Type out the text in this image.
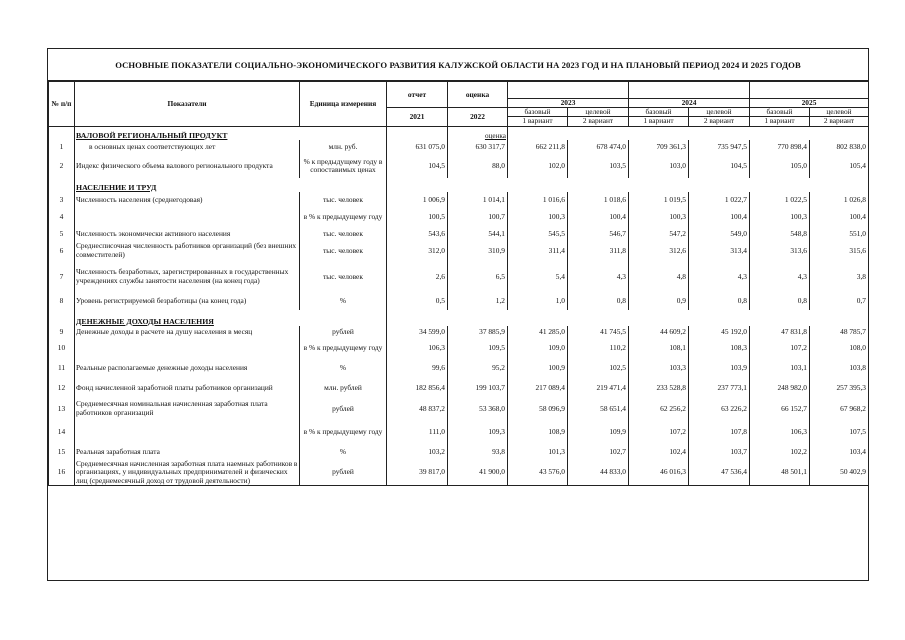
ОСНОВНЫЕ ПОКАЗАТЕЛИ СОЦИАЛЬНО-ЭКОНОМИЧЕСКОГО РАЗВИТИЯ КАЛУЖСКОЙ ОБЛАСТИ НА 2023 ГОД И НА ПЛАНОВЫЙ ПЕРИОД 2024 И 2025 ГОДОВ
№ п/п	Показатели	Единица измерения	отчет	оценка						
					2023		2024		2025	
			2021	2022	базовый	целевой	базовый	целевой	базовый	целевой
					1 вариант	2 вариант	1 вариант	2 вариант	1 вариант	2 вариант
	ВАЛОВОЙ РЕГИОНАЛЬНЫЙ ПРОДУКТ			оценка						
1	в основных ценах соответствующих лет	млн. руб.	631 075,0	630 317,7	662 211,8	678 474,0	709 361,3	735 947,5	770 898,4	802 838,0
2	Индекс физического объема валового регионального продукта	% к предыдущему году в сопоставимых ценах	104,5	88,0	102,0	103,5	103,0	104,5	105,0	105,4
	НАСЕЛЕНИЕ И ТРУД									
3	Численность населения (среднегодовая)	тыс. человек	1 006,9	1 014,1	1 016,6	1 018,6	1 019,5	1 022,7	1 022,5	1 026,8
4		в % к предыдущему году	100,5	100,7	100,3	100,4	100,3	100,4	100,3	100,4
5	Численность экономически активного населения	тыс. человек	543,6	544,1	545,5	546,7	547,2	549,0	548,8	551,0
6	Среднесписочная численность работников организаций (без внешних совместителей)	тыс. человек	312,0	310,9	311,4	311,8	312,6	313,4	313,6	315,6
7	Численность безработных, зарегистрированных в государственных учреждениях службы занятости населения (на конец года)	тыс. человек	2,6	6,5	5,4	4,3	4,8	4,3	4,3	3,8
8	Уровень регистрируемой безработицы (на конец года)	%	0,5	1,2	1,0	0,8	0,9	0,8	0,8	0,7
	ДЕНЕЖНЫЕ ДОХОДЫ НАСЕЛЕНИЯ									
9	Денежные доходы в расчете на душу населения в месяц	рублей	34 599,0	37 885,9	41 285,0	41 745,5	44 609,2	45 192,0	47 831,8	48 785,7
10		в % к предыдущему году	106,3	109,5	109,0	110,2	108,1	108,3	107,2	108,0
11	Реальные располагаемые денежные доходы населения	%	99,6	95,2	100,9	102,5	103,3	103,9	103,1	103,8
12	Фонд начисленной заработной платы работников организаций	млн. рублей	182 856,4	199 103,7	217 089,4	219 471,4	233 528,8	237 773,1	248 982,0	257 395,3
13	Среднемесячная номинальная начисленная заработная плата работников организаций	рублей	48 837,2	53 368,0	58 096,9	58 651,4	62 256,2	63 226,2	66 152,7	67 968,2
14		в % к предыдущему году	111,0	109,3	108,9	109,9	107,2	107,8	106,3	107,5
15	Реальная заработная плата	%	103,2	93,8	101,3	102,7	102,4	103,7	102,2	103,4
16	Среднемесячная начисленная заработная плата наемных работников в организациях, у индивидуальных предпринимателей и физических лиц (среднемесячный доход от трудовой деятельности)	рублей	39 817,0	41 900,0	43 576,0	44 833,0	46 016,3	47 536,4	48 501,1	50 402,9
